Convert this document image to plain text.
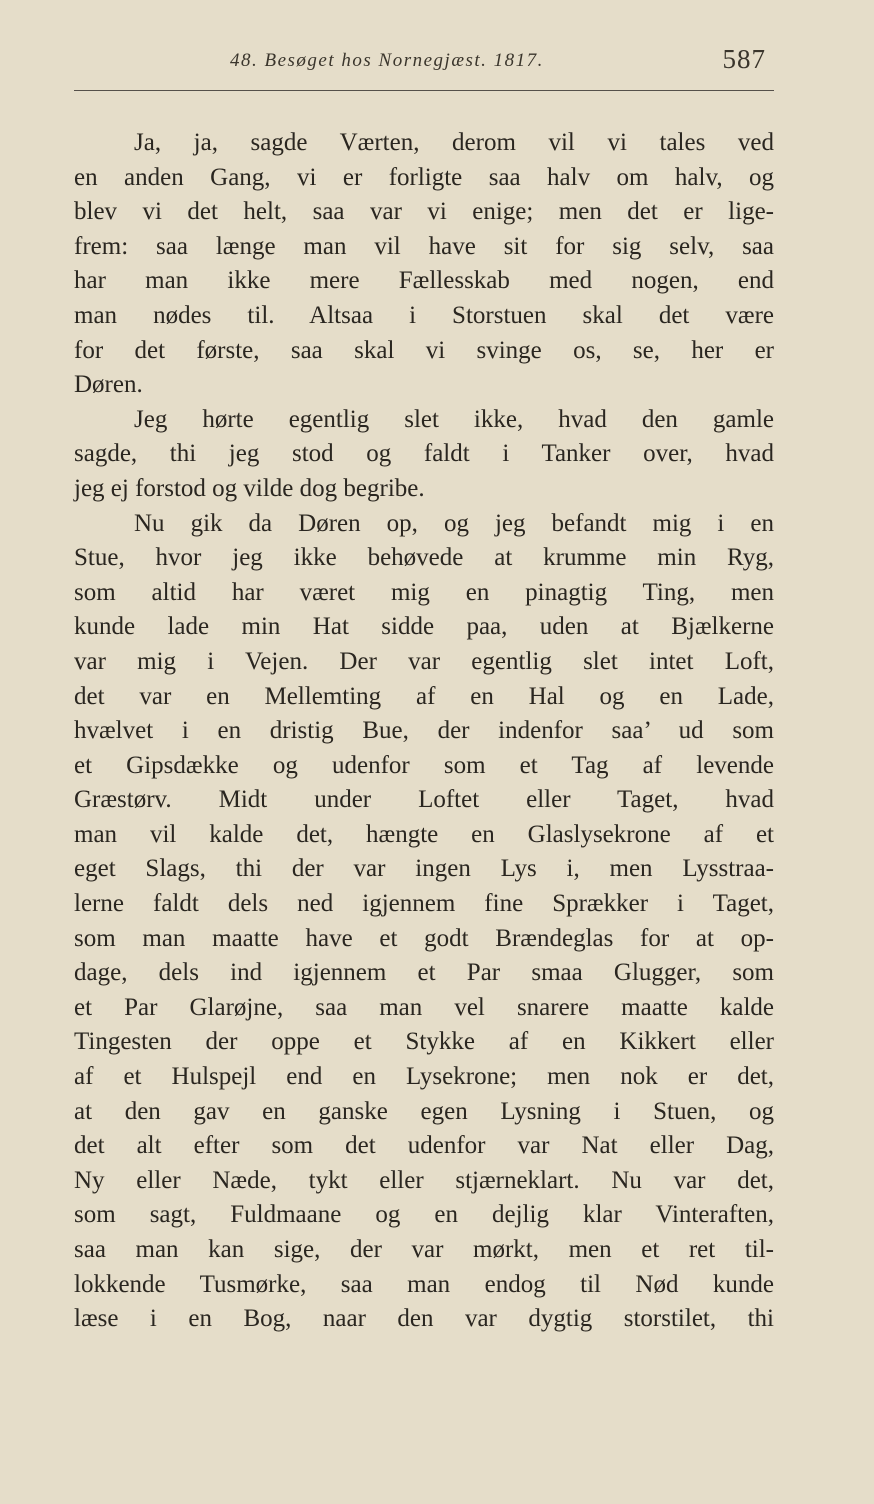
48. Besøget hos Nornegjæst. 1817.	587
Ja, ja, sagde Værten, derom vil vi tales ved
en anden Gang, vi er forligte saa halv om halv, og
blev vi det helt, saa var vi enige; men det er lige-
frem: saa længe man vil have sit for sig selv, saa
har man ikke mere Fællesskab med nogen, end
man nødes til. Altsaa i Storstuen skal det være
for det første, saa skal vi svinge os, se, her er
Døren.
Jeg hørte egentlig slet ikke, hvad den gamle
sagde, thi jeg stod og faldt i Tanker over, hvad
jeg ej forstod og vilde dog begribe.
Nu gik da Døren op, og jeg befandt mig i en
Stue, hvor jeg ikke behøvede at krumme min Ryg,
som altid har været mig en pinagtig Ting, men
kunde lade min Hat sidde paa, uden at Bjælkerne
var mig i Vejen. Der var egentlig slet intet Loft,
det var en Mellemting af en Hal og en Lade,
hvælvet i en dristig Bue, der indenfor saa’ ud som
et Gipsdække og udenfor som et Tag af levende
Græstørv. Midt under Loftet eller Taget, hvad
man vil kalde det, hængte en Glaslysekrone af et
eget Slags, thi der var ingen Lys i, men Lysstraa-
lerne faldt dels ned igjennem fine Sprækker i Taget,
som man maatte have et godt Brændeglas for at op-
dage, dels ind igjennem et Par smaa Glugger, som
et Par Glarøjne, saa man vel snarere maatte kalde
Tingesten der oppe et Stykke af en Kikkert eller
af et Hulspejl end en Lysekrone; men nok er det,
at den gav en ganske egen Lysning i Stuen, og
det alt efter som det udenfor var Nat eller Dag,
Ny eller Næde, tykt eller stjærneklart. Nu var det,
som sagt, Fuldmaane og en dejlig klar Vinteraften,
saa man kan sige, der var mørkt, men et ret til-
lokkende Tusmørke, saa man endog til Nød kunde
læse i en Bog, naar den var dygtig storstilet, thi
